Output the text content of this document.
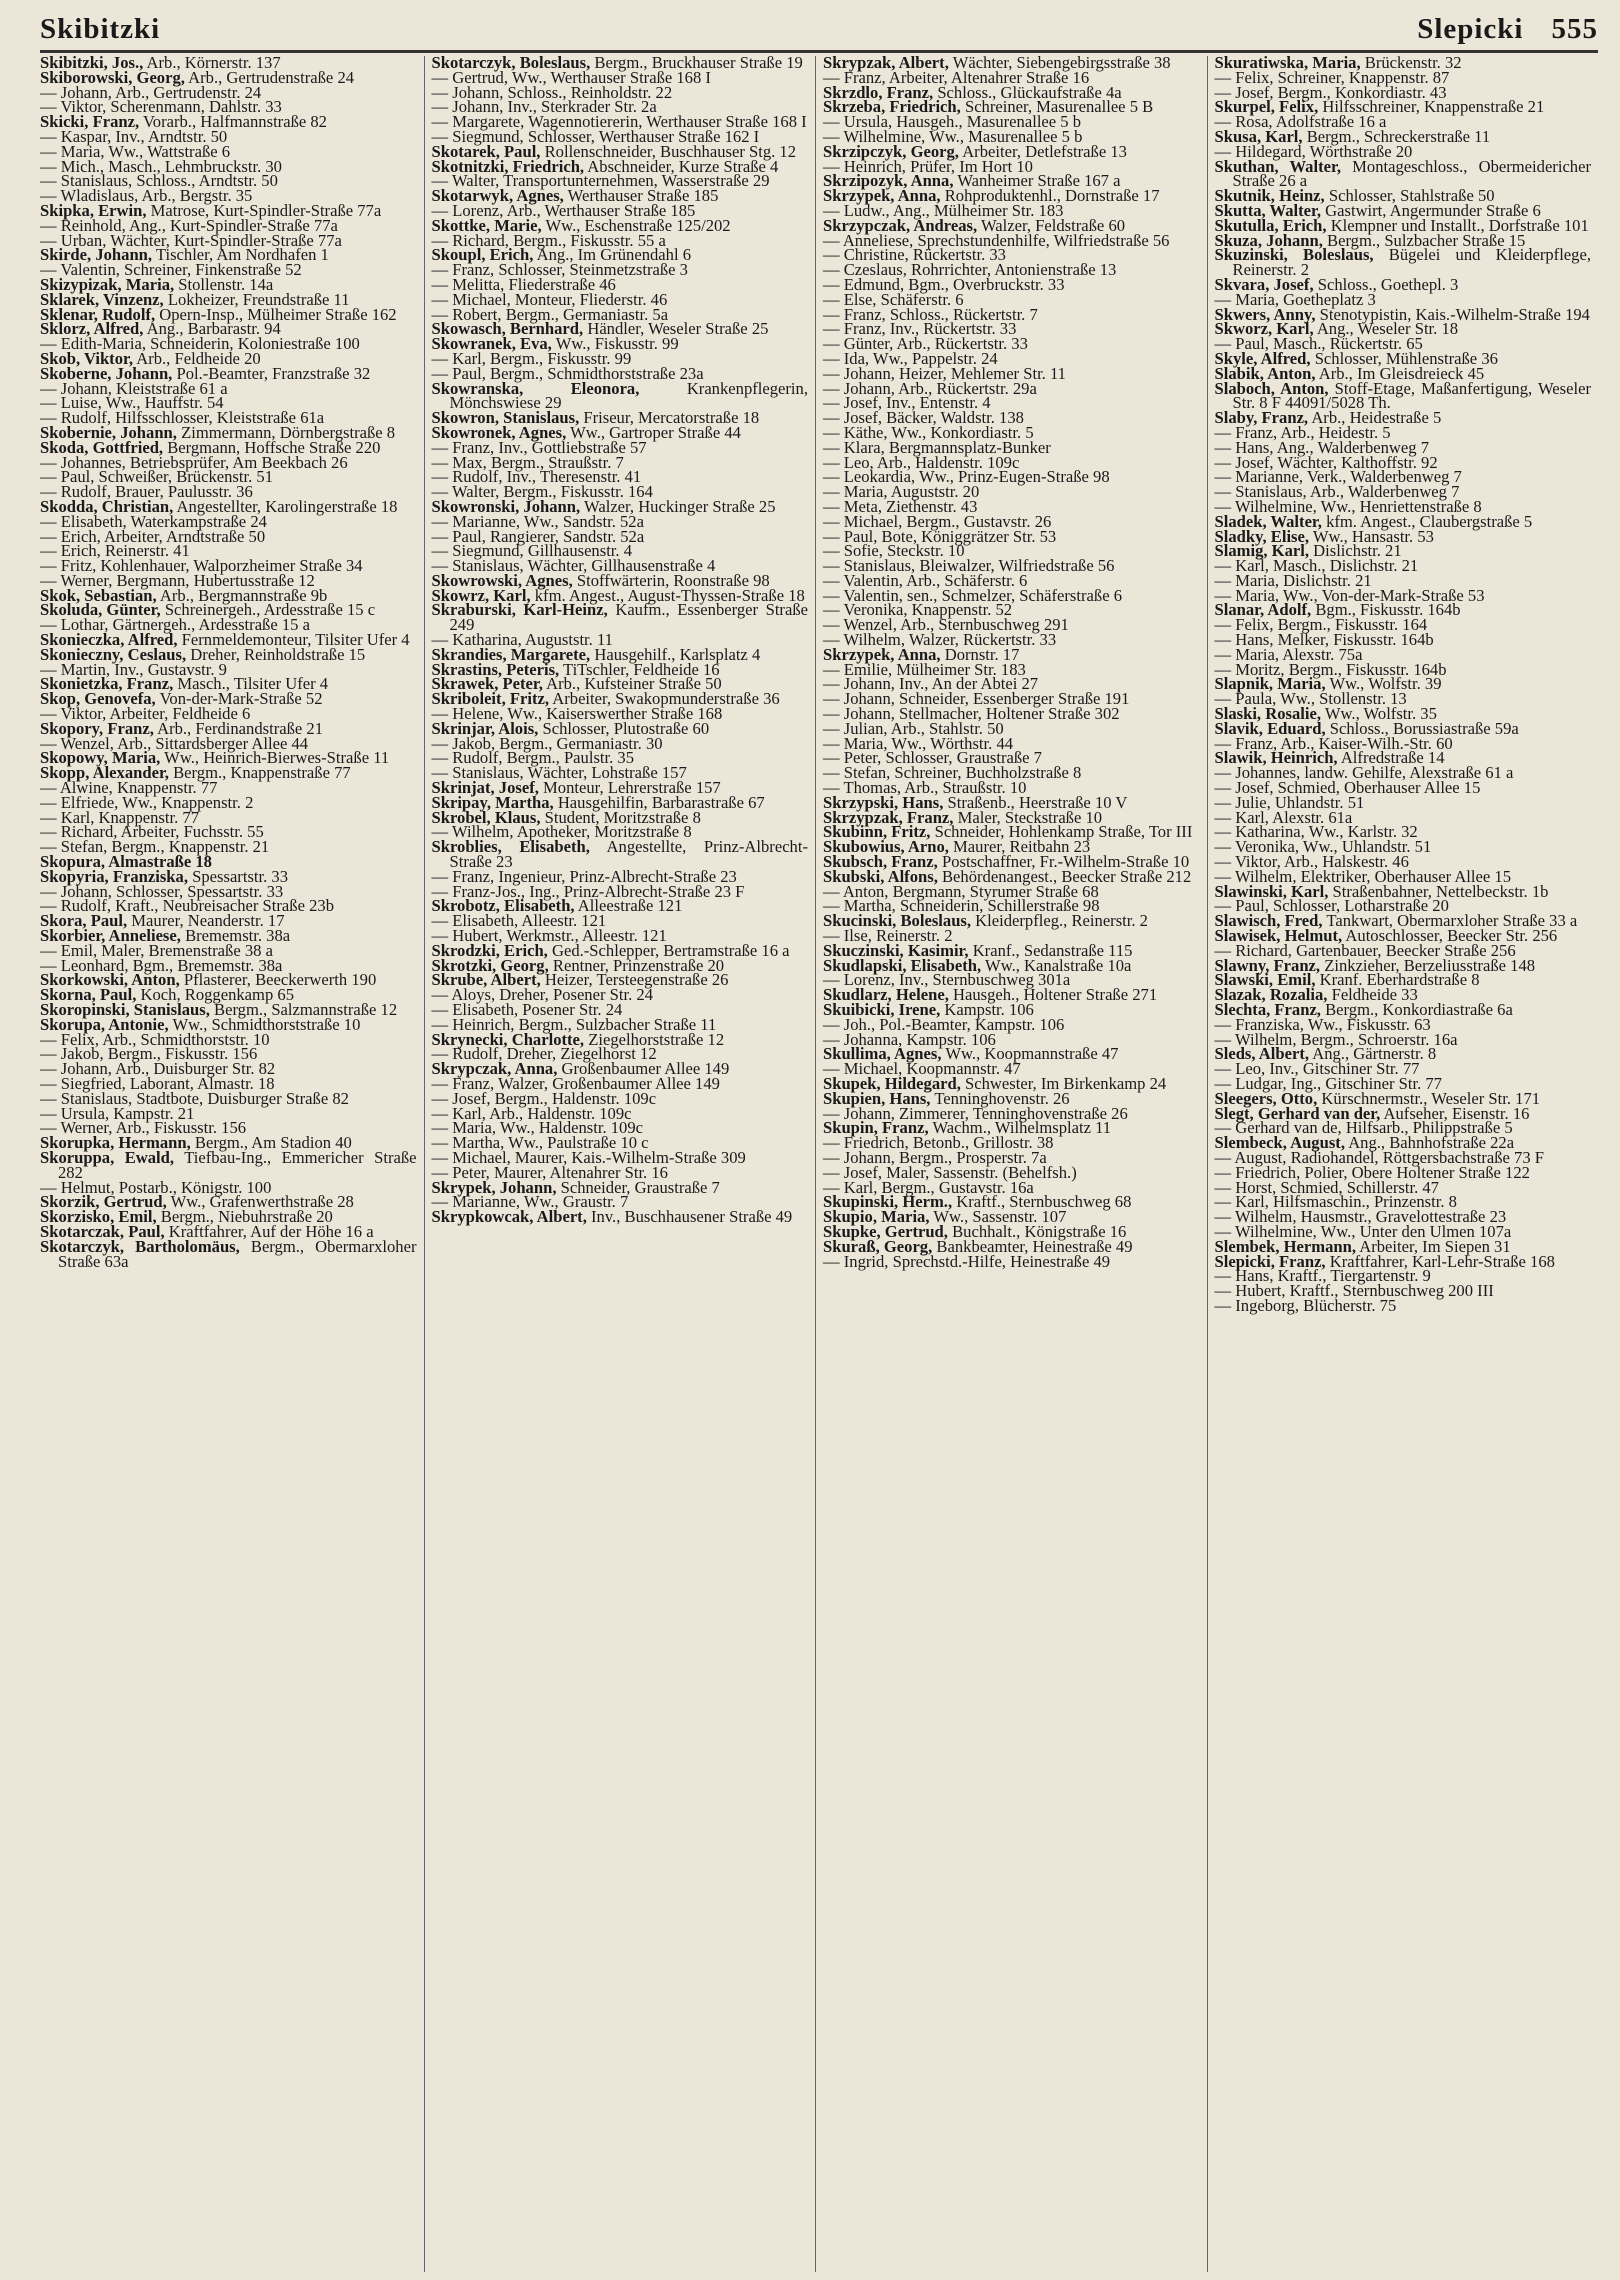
Skibitzki	Slepicki 555
Skibitzki, Jos., Arb., Körnerstr. 137
Skiborowski, Georg, Arb., Gertrudenstraße 24
— Johann, Arb., Gertrudenstr. 24
— Viktor, Scherenmann, Dahlstr. 33
Skicki, Franz, Vorarb., Halfmannstraße 82
— Kaspar, Inv., Arndtstr. 50
— Maria, Ww., Wattstraße 6
— Mich., Masch., Lehmbruckstr. 30
— Stanislaus, Schloss., Arndtstr. 50
— Wladislaus, Arb., Bergstr. 35
Skipka, Erwin, Matrose, Kurt-Spindler-Straße 77a
— Reinhold, Ang., Kurt-Spindler-Straße 77a
— Urban, Wächter, Kurt-Spindler-Straße 77a
Skirde, Johann, Tischler, Am Nordhafen 1
— Valentin, Schreiner, Finkenstraße 52
Skizypizak, Maria, Stollenstr. 14a
Sklarek, Vinzenz, Lokheizer, Freundstraße 11
Sklenar, Rudolf, Opern-Insp., Mülheimer Straße 162
Sklorz, Alfred, Ang., Barbarastr. 94
— Edith-Maria, Schneiderin, Koloniestraße 100
Skob, Viktor, Arb., Feldheide 20
Skoberne, Johann, Pol.-Beamter, Franzstraße 32
— Johann, Kleiststraße 61 a
— Luise, Ww., Hauffstr. 54
— Rudolf, Hilfsschlosser, Kleiststraße 61a
Skobernie, Johann, Zimmermann, Dörnbergstraße 8
Skoda, Gottfried, Bergmann, Hoffsche Straße 220
— Johannes, Betriebsprüfer, Am Beekbach 26
— Paul, Schweißer, Brückenstr. 51
— Rudolf, Brauer, Paulusstr. 36
Skodda, Christian, Angestellter, Karolingerstraße 18
— Elisabeth, Waterkampstraße 24
— Erich, Arbeiter, Arndtstraße 50
— Erich, Reinerstr. 41
— Fritz, Kohlenhauer, Walporzheimer Straße 34
— Werner, Bergmann, Hubertusstraße 12
Skok, Sebastian, Arb., Bergmannstraße 9b
Skoluda, Günter, Schreinergeh., Ardesstraße 15 c
— Lothar, Gärtnergeh., Ardesstraße 15 a
Skonieczka, Alfred, Fernmeldemonteur, Tilsiter Ufer 4
Skonieczny, Ceslaus, Dreher, Reinholdstraße 15
— Martin, Inv., Gustavstr. 9
Skonietzka, Franz, Masch., Tilsiter Ufer 4
Skop, Genovefa, Von-der-Mark-Straße 52
— Viktor, Arbeiter, Feldheide 6
Skopory, Franz, Arb., Ferdinandstraße 21
— Wenzel, Arb., Sittardsberger Allee 44
Skopowy, Maria, Ww., Heinrich-Bierwes-Straße 11
Skopp, Alexander, Bergm., Knappenstraße 77
— Alwine, Knappenstr. 77
— Elfriede, Ww., Knappenstr. 2
— Karl, Knappenstr. 77
— Richard, Arbeiter, Fuchsstr. 55
— Stefan, Bergm., Knappenstr. 21
Skopura, Almastraße 18
Skopyria, Franziska, Spessartstr. 33
— Johann, Schlosser, Spessartstr. 33
— Rudolf, Kraft., Neubreisacher Straße 23b
Skora, Paul, Maurer, Neanderstr. 17
Skorbier, Anneliese, Brememstr. 38a
— Emil, Maler, Bremenstraße 38 a
— Leonhard, Bgm., Brememstr. 38a
Skorkowski, Anton, Pflasterer, Beeckerwerth 190
Skorna, Paul, Koch, Roggenkamp 65
Skoropinski, Stanislaus, Bergm., Salzmannstraße 12
Skorupa, Antonie, Ww., Schmidthorststraße 10
— Felix, Arb., Schmidthorststr. 10
— Jakob, Bergm., Fiskusstr. 156
— Johann, Arb., Duisburger Str. 82
— Siegfried, Laborant, Almastr. 18
— Stanislaus, Stadtbote, Duisburger Straße 82
— Ursula, Kampstr. 21
— Werner, Arb., Fiskusstr. 156
Skorupka, Hermann, Bergm., Am Stadion 40
Skoruppa, Ewald, Tiefbau-Ing., Emmericher Straße 282
— Helmut, Postarb., Königstr. 100
Skorzik, Gertrud, Ww., Grafenwerthstraße 28
Skorzisko, Emil, Bergm., Niebuhrstraße 20
Skotarczak, Paul, Kraftfahrer, Auf der Höhe 16 a
Skotarczyk, Bartholomäus, Bergm., Obermarxloher Straße 63a
Skotarczyk, Boleslaus, Bergm., Bruckhauser Straße 19
— Gertrud, Ww., Werthauser Straße 168 I
— Johann, Schloss., Reinholdstr. 22
— Johann, Inv., Sterkrader Str. 2a
— Margarete, Wagennotiererin, Werthauser Straße 168 I
— Siegmund, Schlosser, Werthauser Straße 162 I
Skotarek, Paul, Rollenschneider, Buschhauser Stg. 12
Skotnitzki, Friedrich, Abschneider, Kurze Straße 4
— Walter, Transportunternehmen, Wasserstraße 29
Skotarwyk, Agnes, Werthauser Straße 185
— Lorenz, Arb., Werthauser Straße 185
Skottke, Marie, Ww., Eschenstraße 125/202
— Richard, Bergm., Fiskusstr. 55 a
Skoupl, Erich, Ang., Im Grünendahl 6
— Franz, Schlosser, Steinmetzstraße 3
— Melitta, Fliederstraße 46
— Michael, Monteur, Fliederstr. 46
— Robert, Bergm., Germaniastr. 5a
Skowasch, Bernhard, Händler, Weseler Straße 25
Skowranek, Eva, Ww., Fiskusstr. 99
— Karl, Bergm., Fiskusstr. 99
— Paul, Bergm., Schmidthorststraße 23a
Skowranska, Eleonora, Krankenpflegerin, Mönchswiese 29
Skowron, Stanislaus, Friseur, Mercatorstraße 18
Skowronek, Agnes, Ww., Gartroper Straße 44
— Franz, Inv., Gottliebstraße 57
— Max, Bergm., Straußstr. 7
— Rudolf, Inv., Theresenstr. 41
— Walter, Bergm., Fiskusstr. 164
Skowronski, Johann, Walzer, Huckinger Straße 25
— Marianne, Ww., Sandstr. 52a
— Paul, Rangierer, Sandstr. 52a
— Siegmund, Gillhausenstr. 4
— Stanislaus, Wächter, Gillhausenstraße 4
Skowrowski, Agnes, Stoffwärterin, Roonstraße 98
Skowrz, Karl, kfm. Angest., August-Thyssen-Straße 18
Skraburski, Karl-Heinz, Kaufm., Essenberger Straße 249
— Katharina, Auguststr. 11
Skrandies, Margarete, Hausgehilf., Karlsplatz 4
Skrastins, Peteris, TiTschler, Feldheide 16
Skrawek, Peter, Arb., Kufsteiner Straße 50
Skriboleit, Fritz, Arbeiter, Swakopmunderstraße 36
— Helene, Ww., Kaiserswerther Straße 168
Skrinjar, Alois, Schlosser, Plutostraße 60
— Jakob, Bergm., Germaniastr. 30
— Rudolf, Bergm., Paulstr. 35
— Stanislaus, Wächter, Lohstraße 157
Skrinjat, Josef, Monteur, Lehrerstraße 157
Skripay, Martha, Hausgehilfin, Barbarastraße 67
Skrobel, Klaus, Student, Moritzstraße 8
— Wilhelm, Apotheker, Moritzstraße 8
Skroblies, Elisabeth, Angestellte, Prinz-Albrecht-Straße 23
— Franz, Ingenieur, Prinz-Albrecht-Straße 23
— Franz-Jos., Ing., Prinz-Albrecht-Straße 23 F
Skrobotz, Elisabeth, Alleestraße 121
— Elisabeth, Alleestr. 121
— Hubert, Werkmstr., Alleestr. 121
Skrodzki, Erich, Ged.-Schlepper, Bertramstraße 16 a
Skrotzki, Georg, Rentner, Prinzenstraße 20
Skrube, Albert, Heizer, Tersteegenstraße 26
— Aloys, Dreher, Posener Str. 24
— Elisabeth, Posener Str. 24
— Heinrich, Bergm., Sulzbacher Straße 11
Skrynecki, Charlotte, Ziegelhorststraße 12
— Rudolf, Dreher, Ziegelhorst 12
Skrypczak, Anna, Großenbaumer Allee 149
— Franz, Walzer, Großenbaumer Allee 149
— Josef, Bergm., Haldenstr. 109c
— Karl, Arb., Haldenstr. 109c
— Maria, Ww., Haldenstr. 109c
— Martha, Ww., Paulstraße 10 c
— Michael, Maurer, Kais.-Wilhelm-Straße 309
— Peter, Maurer, Altenahrer Str. 16
Skrypek, Johann, Schneider, Graustraße 7
— Marianne, Ww., Graustr. 7
Skrypkowcak, Albert, Inv., Buschhausener Straße 49
Skrypzak, Albert, Wächter, Siebengebirgsstraße 38
— Franz, Arbeiter, Altenahrer Straße 16
Skrzdlo, Franz, Schloss., Glückaufstraße 4a
Skrzeba, Friedrich, Schreiner, Masurenallee 5 B
— Ursula, Hausgeh., Masurenallee 5 b
— Wilhelmine, Ww., Masurenallee 5 b
Skrzipczyk, Georg, Arbeiter, Detlefstraße 13
— Heinrich, Prüfer, Im Hort 10
Skrzipozyk, Anna, Wanheimer Straße 167 a
Skrzypek, Anna, Rohproduktenhl., Dornstraße 17
— Ludw., Ang., Mülheimer Str. 183
Skrzypczak, Andreas, Walzer, Feldstraße 60
— Anneliese, Sprechstundenhilfe, Wilfriedstraße 56
— Christine, Rückertstr. 33
— Czeslaus, Rohrrichter, Antonienstraße 13
— Edmund, Bgm., Overbruckstr. 33
— Else, Schäferstr. 6
— Franz, Schloss., Rückertstr. 7
— Franz, Inv., Rückertstr. 33
— Günter, Arb., Rückertstr. 33
— Ida, Ww., Pappelstr. 24
— Johann, Heizer, Mehlemer Str. 11
— Johann, Arb., Rückertstr. 29a
— Josef, Inv., Entenstr. 4
— Josef, Bäcker, Waldstr. 138
— Käthe, Ww., Konkordiastr. 5
— Klara, Bergmannsplatz-Bunker
— Leo, Arb., Haldenstr. 109c
— Leokardia, Ww., Prinz-Eugen-Straße 98
— Maria, Auguststr. 20
— Meta, Ziethenstr. 43
— Michael, Bergm., Gustavstr. 26
— Paul, Bote, Königgrätzer Str. 53
— Sofie, Steckstr. 10
— Stanislaus, Bleiwalzer, Wilfriedstraße 56
— Valentin, Arb., Schäferstr. 6
— Valentin, sen., Schmelzer, Schäferstraße 6
— Veronika, Knappenstr. 52
— Wenzel, Arb., Sternbuschweg 291
— Wilhelm, Walzer, Rückertstr. 33
Skrzypek, Anna, Dornstr. 17
— Emilie, Mülheimer Str. 183
— Johann, Inv., An der Abtei 27
— Johann, Schneider, Essenberger Straße 191
— Johann, Stellmacher, Holtener Straße 302
— Julian, Arb., Stahlstr. 50
— Maria, Ww., Wörthstr. 44
— Peter, Schlosser, Graustraße 7
— Stefan, Schreiner, Buchholzstraße 8
— Thomas, Arb., Straußstr. 10
Skrzypski, Hans, Straßenb., Heerstraße 10 V
Skrzypzak, Franz, Maler, Steckstraße 10
Skubinn, Fritz, Schneider, Hohlenkamp Straße, Tor III
Skubowius, Arno, Maurer, Reitbahn 23
Skubsch, Franz, Postschaffner, Fr.-Wilhelm-Straße 10
Skubski, Alfons, Behördenangest., Beecker Straße 212
— Anton, Bergmann, Styrumer Straße 68
— Martha, Schneiderin, Schillerstraße 98
Skucinski, Boleslaus, Kleiderpfleg., Reinerstr. 2
— Ilse, Reinerstr. 2
Skuczinski, Kasimir, Kranf., Sedanstraße 115
Skudlapski, Elisabeth, Ww., Kanalstraße 10a
— Lorenz, Inv., Sternbuschweg 301a
Skudlarz, Helene, Hausgeh., Holtener Straße 271
Skuibicki, Irene, Kampstr. 106
— Joh., Pol.-Beamter, Kampstr. 106
— Johanna, Kampstr. 106
Skullima, Agnes, Ww., Koopmannstraße 47
— Michael, Koopmannstr. 47
Skupek, Hildegard, Schwester, Im Birkenkamp 24
Skupien, Hans, Tenninghovenstr. 26
— Johann, Zimmerer, Tenninghovenstraße 26
Skupin, Franz, Wachm., Wilhelmsplatz 11
— Friedrich, Betonb., Grillostr. 38
— Johann, Bergm., Prosperstr. 7a
— Josef, Maler, Sassenstr. (Behelfsh.)
— Karl, Bergm., Gustavstr. 16a
Skupinski, Herm., Kraftf., Sternbuschweg 68
Skupio, Maria, Ww., Sassenstr. 107
Skupke, Gertrud, Buchhalt., Königstraße 16
Skuraß, Georg, Bankbeamter, Heinestraße 49
— Ingrid, Sprechstd.-Hilfe, Heinestraße 49
Skuratiwska, Maria, Brückenstr. 32
— Felix, Schreiner, Knappenstr. 87
— Josef, Bergm., Konkordiastr. 43
Skurpel, Felix, Hilfsschreiner, Knappenstraße 21
— Rosa, Adolfstraße 16 a
Skusa, Karl, Bergm., Schreckerstraße 11
— Hildegard, Wörthstraße 20
Skuthan, Walter, Montageschloss., Obermeidericher Straße 26 a
Skutnik, Heinz, Schlosser, Stahlstraße 50
Skutta, Walter, Gastwirt, Angermunder Straße 6
Skutulla, Erich, Klempner und Installt., Dorfstraße 101
Skuza, Johann, Bergm., Sulzbacher Straße 15
Skuzinski, Boleslaus, Bügelei und Kleiderpflege, Reinerstr. 2
Skvara, Josef, Schloss., Goethepl. 3
— Maria, Goetheplatz 3
Skwers, Anny, Stenotypistin, Kais.-Wilhelm-Straße 194
Skworz, Karl, Ang., Weseler Str. 18
— Paul, Masch., Rückertstr. 65
Skyle, Alfred, Schlosser, Mühlenstraße 36
Slabik, Anton, Arb., Im Gleisdreieck 45
Slaboch, Anton, Stoff-Etage, Maßanfertigung, Weseler Str. 8 F 44091/5028 Th.
Slaby, Franz, Arb., Heidestraße 5
— Franz, Arb., Heidestr. 5
— Hans, Ang., Walderbenweg 7
— Josef, Wächter, Kalthoffstr. 92
— Marianne, Verk., Walderbenweg 7
— Stanislaus, Arb., Walderbenweg 7
— Wilhelmine, Ww., Henriettenstraße 8
Sladek, Walter, kfm. Angest., Claubergstraße 5
Sladky, Elise, Ww., Hansastr. 53
Slamig, Karl, Dislichstr. 21
— Karl, Masch., Dislichstr. 21
— Maria, Dislichstr. 21
— Maria, Ww., Von-der-Mark-Straße 53
Slanar, Adolf, Bgm., Fiskusstr. 164b
— Felix, Bergm., Fiskusstr. 164
— Hans, Melker, Fiskusstr. 164b
— Maria, Alexstr. 75a
— Moritz, Bergm., Fiskusstr. 164b
Slapnik, Maria, Ww., Wolfstr. 39
— Paula, Ww., Stollenstr. 13
Slaski, Rosalie, Ww., Wolfstr. 35
Slavik, Eduard, Schloss., Borussiastraße 59a
— Franz, Arb., Kaiser-Wilh.-Str. 60
Slawik, Heinrich, Alfredstraße 14
— Johannes, landw. Gehilfe, Alexstraße 61 a
— Josef, Schmied, Oberhauser Allee 15
— Julie, Uhlandstr. 51
— Karl, Alexstr. 61a
— Katharina, Ww., Karlstr. 32
— Veronika, Ww., Uhlandstr. 51
— Viktor, Arb., Halskestr. 46
— Wilhelm, Elektriker, Oberhauser Allee 15
Slawinski, Karl, Straßenbahner, Nettelbeckstr. 1b
— Paul, Schlosser, Lotharstraße 20
Slawisch, Fred, Tankwart, Obermarxloher Straße 33 a
Slawisek, Helmut, Autoschlosser, Beecker Str. 256
— Richard, Gartenbauer, Beecker Straße 256
Slawny, Franz, Zinkzieher, Berzeliusstraße 148
Slawski, Emil, Kranf. Eberhardstraße 8
Slazak, Rozalia, Feldheide 33
Slechta, Franz, Bergm., Konkordiastraße 6a
— Franziska, Ww., Fiskusstr. 63
— Wilhelm, Bergm., Schroerstr. 16a
Sleds, Albert, Ang., Gärtnerstr. 8
— Leo, Inv., Gitschiner Str. 77
— Ludgar, Ing., Gitschiner Str. 77
Sleegers, Otto, Kürschnermstr., Weseler Str. 171
Slegt, Gerhard van der, Aufseher, Eisenstr. 16
— Gerhard van de, Hilfsarb., Philippstraße 5
Slembeck, August, Ang., Bahnhofstraße 22a
— August, Radiohandel, Röttgersbachstraße 73 F
— Friedrich, Polier, Obere Holtener Straße 122
— Horst, Schmied, Schillerstr. 47
— Karl, Hilfsmaschin., Prinzenstr. 8
— Wilhelm, Hausmstr., Gravelottestraße 23
— Wilhelmine, Ww., Unter den Ulmen 107a
Slembek, Hermann, Arbeiter, Im Siepen 31
Slepicki, Franz, Kraftfahrer, Karl-Lehr-Straße 168
— Hans, Kraftf., Tiergartenstr. 9
— Hubert, Kraftf., Sternbuschweg 200 III
— Ingeborg, Blücherstr. 75
